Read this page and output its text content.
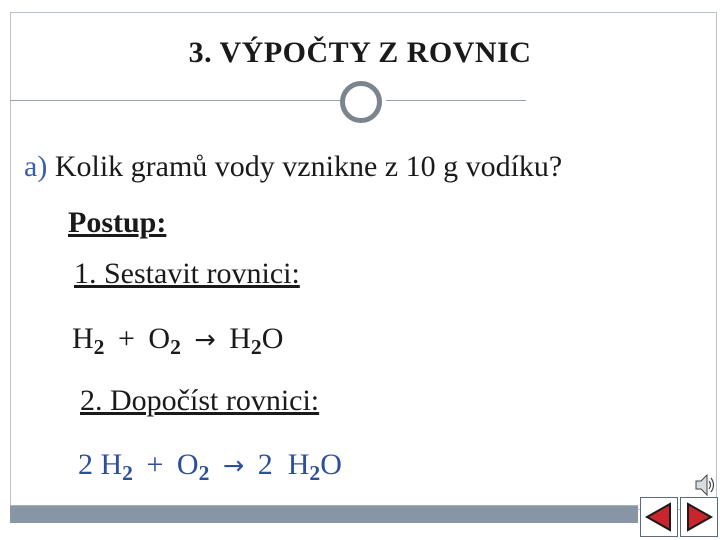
3. VÝPOČTY Z ROVNIC
a) Kolik gramů vody vznikne z 10 g vodíku?
Postup:
1. Sestavit rovnici:
$H_2 + O_2 \to H_2O$
2. Dopočíst rovnici:
2 $H_2 + O_2 \to 2$ $H_2O$
